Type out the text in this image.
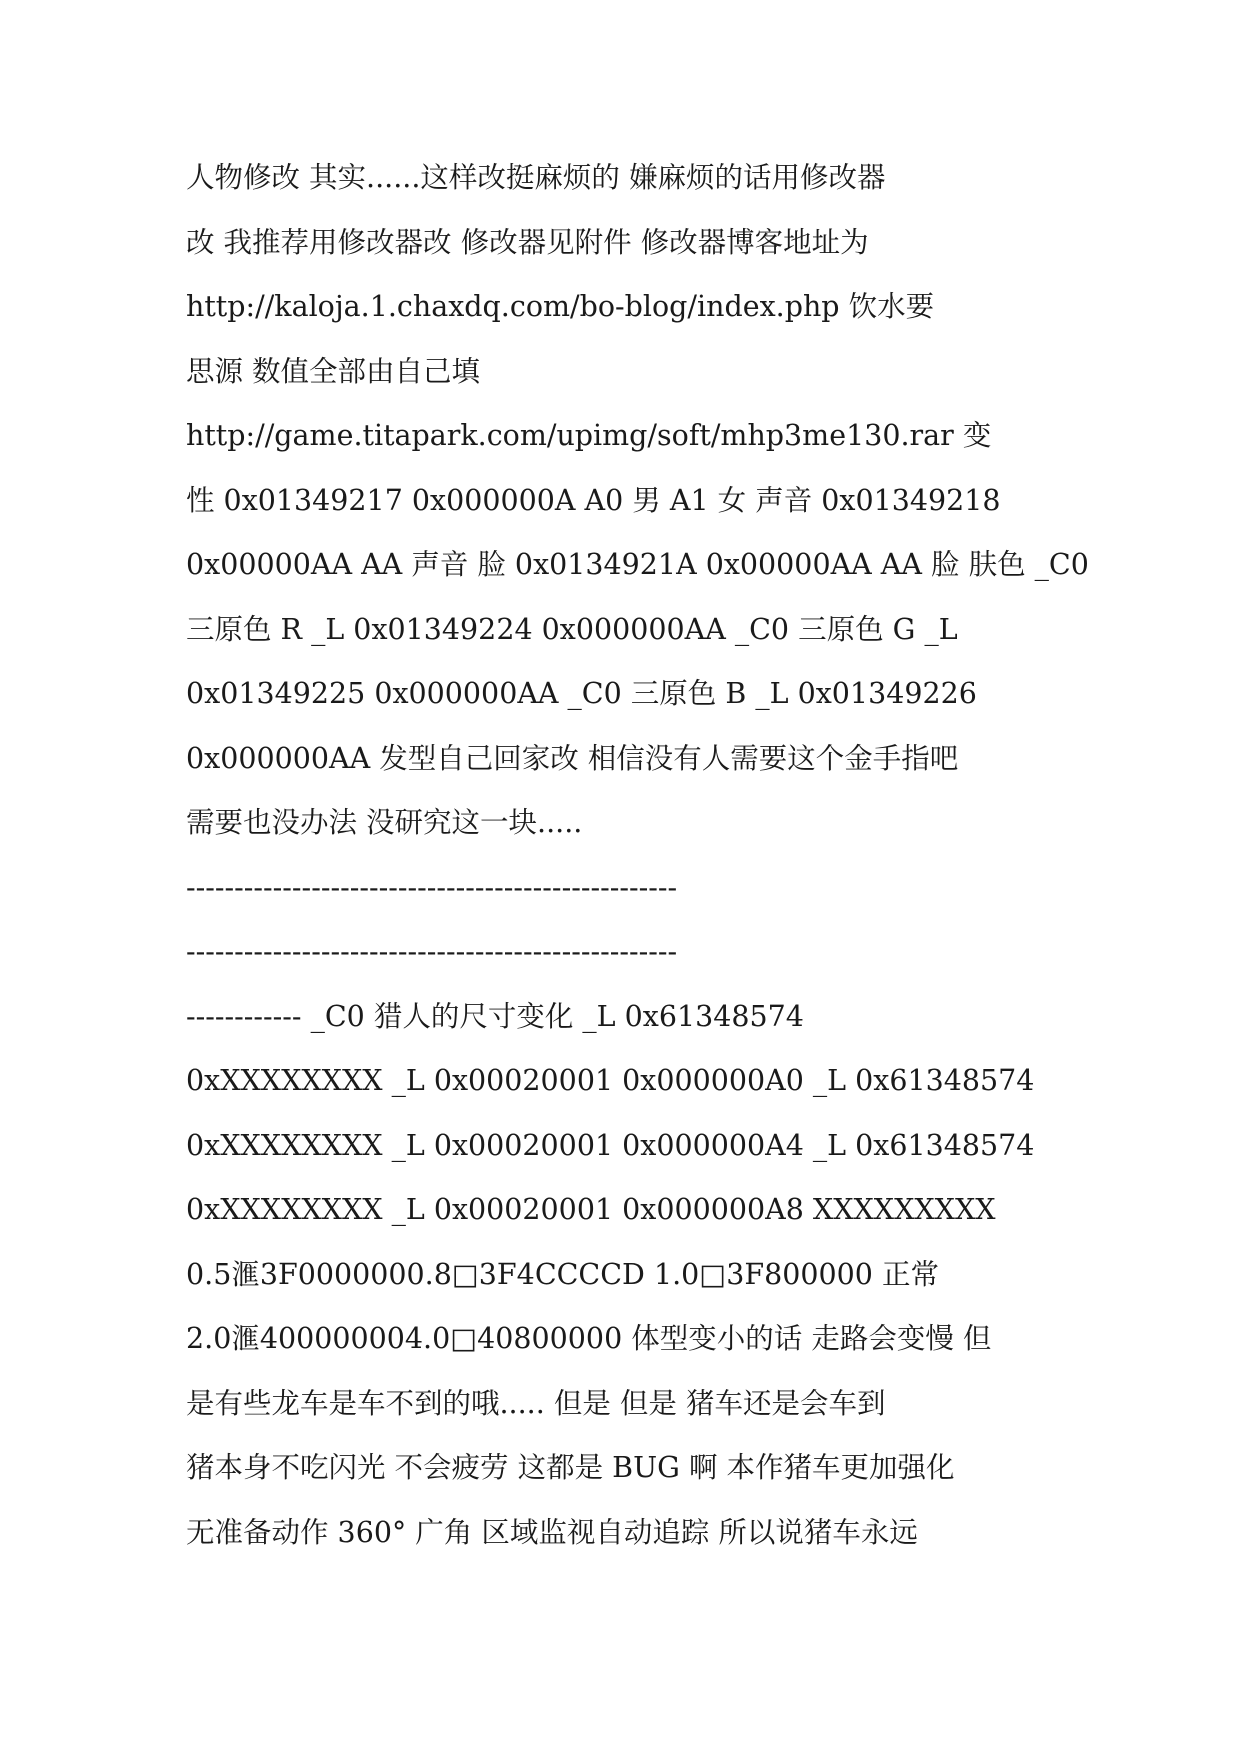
人物修改 其实......这样改挺麻烦的 嫌麻烦的话用修改器
改 我推荐用修改器改 修改器见附件 修改器博客地址为
http://kaloja.1.chaxdq.com/bo-blog/index.php 饮水要
思源 数值全部由自己填
http://game.titapark.com/upimg/soft/mhp3me130.rar 变
性 0x01349217 0x000000A A0 男 A1 女 声音 0x01349218
0x00000AA AA 声音 脸 0x0134921A 0x00000AA AA 脸 肤色 _C0
三原色 R _L 0x01349224 0x000000AA _C0 三原色 G _L
0x01349225 0x000000AA _C0 三原色 B _L 0x01349226
0x000000AA 发型自己回家改 相信没有人需要这个金手指吧
需要也没办法 没研究这一块.....
---------------------------------------------------
---------------------------------------------------
------------ _C0 猎人的尺寸变化 _L 0x61348574
0xXXXXXXXX _L 0x00020001 0x000000A0 _L 0x61348574
0xXXXXXXXX _L 0x00020001 0x000000A4 _L 0x61348574
0xXXXXXXXX _L 0x00020001 0x000000A8 XXXXXXXXX
0.5滙3F0000000.8□3F4CCCCD 1.0□3F800000 正常
2.0滙400000004.0□40800000 体型变小的话 走路会变慢 但
是有些龙车是车不到的哦..... 但是 但是 猪车还是会车到
猪本身不吃闪光 不会疲劳 这都是 BUG 啊 本作猪车更加强化
无准备动作 360° 广角 区域监视自动追踪 所以说猪车永远
